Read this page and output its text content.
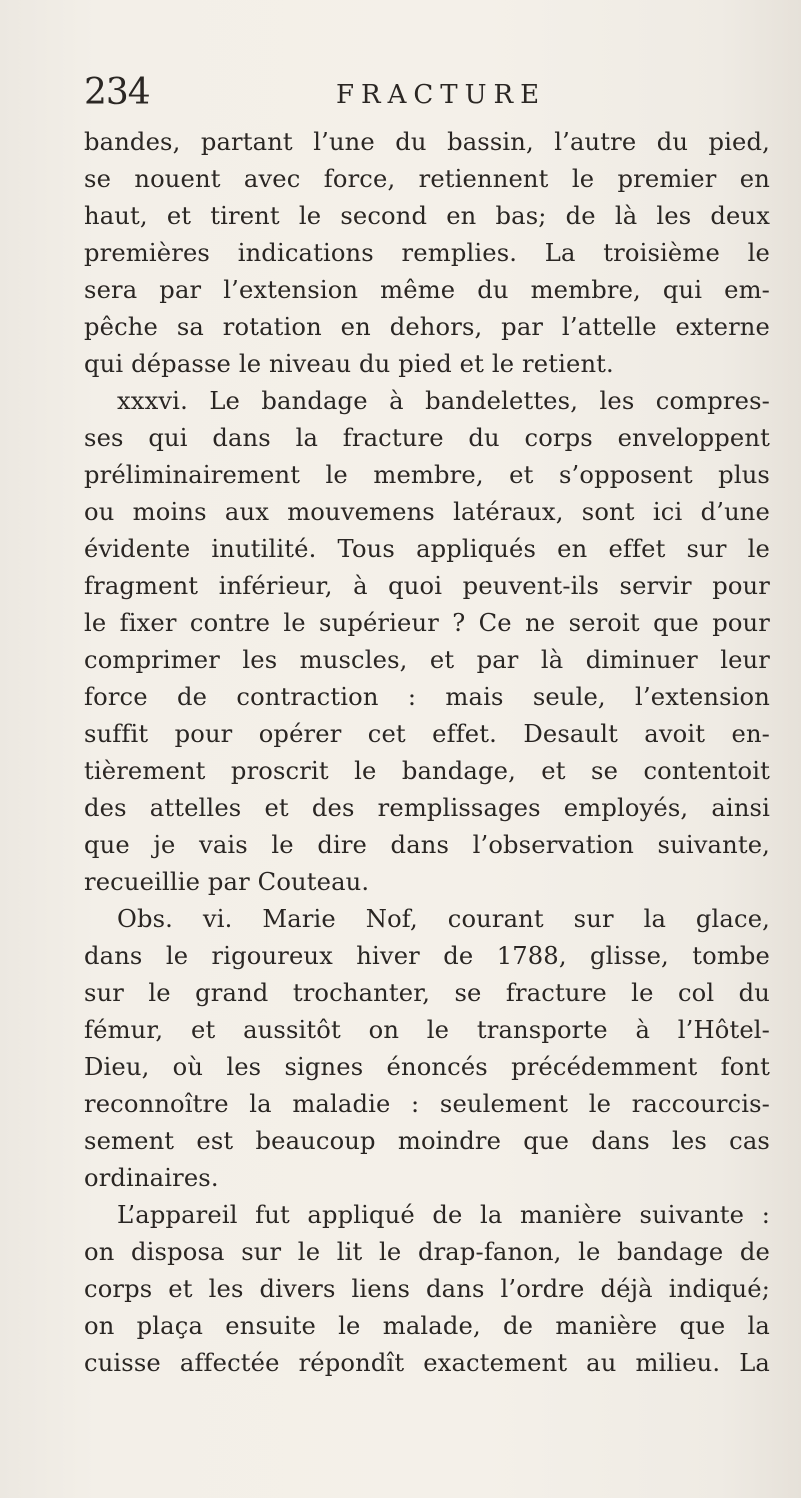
234	FRACTURE
bandes, partant l’une du bassin, l’autre du pied,
se nouent avec force, retiennent le premier en
haut, et tirent le second en bas; de là les deux
premières indications remplies. La troisième le
sera par l’extension même du membre, qui em-
pêche sa rotation en dehors, par l’attelle externe
qui dépasse le niveau du pied et le retient.
xxxvi. Le bandage à bandelettes, les compres-
ses qui dans la fracture du corps enveloppent
préliminairement le membre, et s’opposent plus
ou moins aux mouvemens latéraux, sont ici d’une
évidente inutilité. Tous appliqués en effet sur le
fragment inférieur, à quoi peuvent-ils servir pour
le fixer contre le supérieur ? Ce ne seroit que pour
comprimer les muscles, et par là diminuer leur
force de contraction : mais seule, l’extension
suffit pour opérer cet effet. Desault avoit en-
tièrement proscrit le bandage, et se contentoit
des attelles et des remplissages employés, ainsi
que je vais le dire dans l’observation suivante,
recueillie par Couteau.
Obs. vi. Marie Nof, courant sur la glace,
dans le rigoureux hiver de 1788, glisse, tombe
sur le grand trochanter, se fracture le col du
fémur, et aussitôt on le transporte à l’Hôtel-
Dieu, où les signes énoncés précédemment font
reconnoître la maladie : seulement le raccourcis-
sement est beaucoup moindre que dans les cas
ordinaires.
L’appareil fut appliqué de la manière suivante :
on disposa sur le lit le drap-fanon, le bandage de
corps et les divers liens dans l’ordre déjà indiqué;
on plaça ensuite le malade, de manière que la
cuisse affectée répondît exactement au milieu. La
